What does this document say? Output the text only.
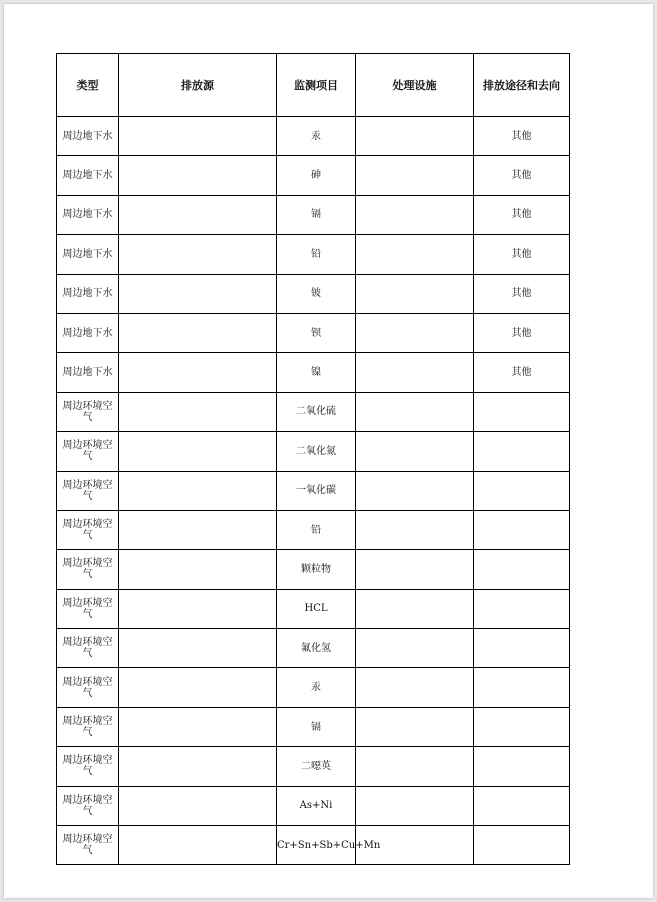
类型	排放源	监测项目	处理设施	排放途径和去向
周边地下水		汞		其他
周边地下水		砷		其他
周边地下水		镉		其他
周边地下水		铅		其他
周边地下水		铍		其他
周边地下水		钡		其他
周边地下水		镍		其他
周边环境空气		二氧化硫		
周边环境空气		二氧化氮		
周边环境空气		一氧化碳		
周边环境空气		铅		
周边环境空气		颗粒物		
周边环境空气		HCL		
周边环境空气		氟化氢		
周边环境空气		汞		
周边环境空气		镉		
周边环境空气		二噁英		
周边环境空气		As+Ni		
周边环境空气		Cr+Sn+Sb+Cu+Mn		
